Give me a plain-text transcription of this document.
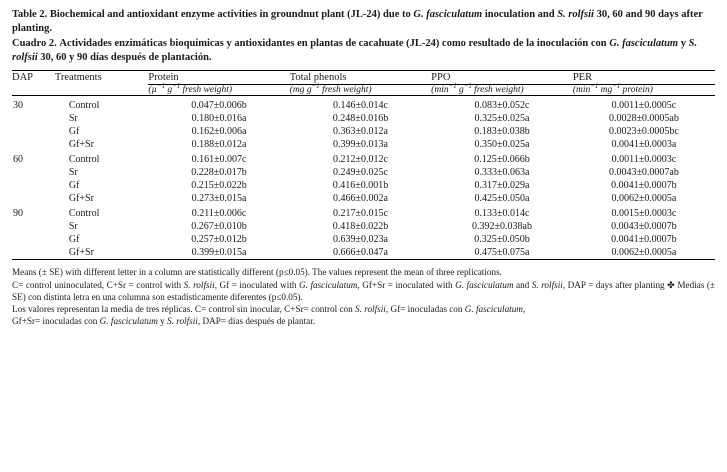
Table 2. Biochemical and antioxidant enzyme activities in groundnut plant (JL-24) due to G. fasciculatum inoculation and S. rolfsii 30, 60 and 90 days after planting.
Cuadro 2. Actividades enzimáticas bioquímicas y antioxidantes en plantas de cacahuate (JL-24) como resultado de la inoculación con G. fasciculatum y S. rolfsii 30, 60 y 90 días después de plantación.

DAP	Treatments	Protein	Total phenols	PPO	PER
		(µ$^{-1}$ $g^{-1}$ fresh weight)	(mg $g^{-1}$ fresh weight)	($\min^{-1}$ $g^{-1}$ fresh weight)	($\min^{-1}$ $mg^{-1}$ protein)

30	Control	0.047±0.006b	0.146±0.014c	0.083±0.052c	0.0011±0.0005c
	Sr	0.180±0.016a	0.248±0.016b	0.325±0.025a	0.0028±0.0005ab
	Gf	0.162±0.006a	0.363±0.012a	0.183±0.038b	0.0023±0.0005bc
	Gf+Sr	0.188±0.012a	0.399±0.013a	0.350±0.025a	0.0041±0.0003a
60	Control	0.161±0.007c	0.212±0.012c	0.125±0.066b	0.0011±0.0003c
	Sr	0.228±0.017b	0.249±0.025c	0.333±0.063a	0.0043±0.0007ab
	Gf	0.215±0.022b	0.416±0.001b	0.317±0.029a	0.0041±0.0007b
	Gf+Sr	0.273±0.015a	0.466±0.002a	0.425±0.050a	0.0062±0.0005a
90	Control	0.211±0.006c	0.217±0.015c	0.133±0.014c	0.0015±0.0003c
	Sr	0.267±0.010b	0.418±0.022b	0.392±0.038ab	0.0043±0.0007b
	Gf	0.257±0.012b	0.639±0.023a	0.325±0.050b	0.0041±0.0007b
	Gf+Sr	0.399±0.015a	0.666±0.047a	0.475±0.075a	0.0062±0.0005a

Means (± SE) with different letter in a column are statistically different (p≤0.05). The values represent the mean of three replications.
C= control uninoculated, C+Sr = control with S. rolfsii, Gf = inoculated with G. fasciculatum, Gf+Sr = inoculated with G. fasciculatum and S. rolfsii, DAP = days after planting ✤ Medias (± SE) con distinta letra en una columna son estadísticamente diferentes (p≤0.05).
Los valores representan la media de tres réplicas. C= control sin inocular, C+Sr= control con S. rolfsii, Gf= inoculadas con G. fasciculatum,
Gf+Sr= inoculadas con G. fasciculatum y S. rolfsii, DAP= días después de plantar.
